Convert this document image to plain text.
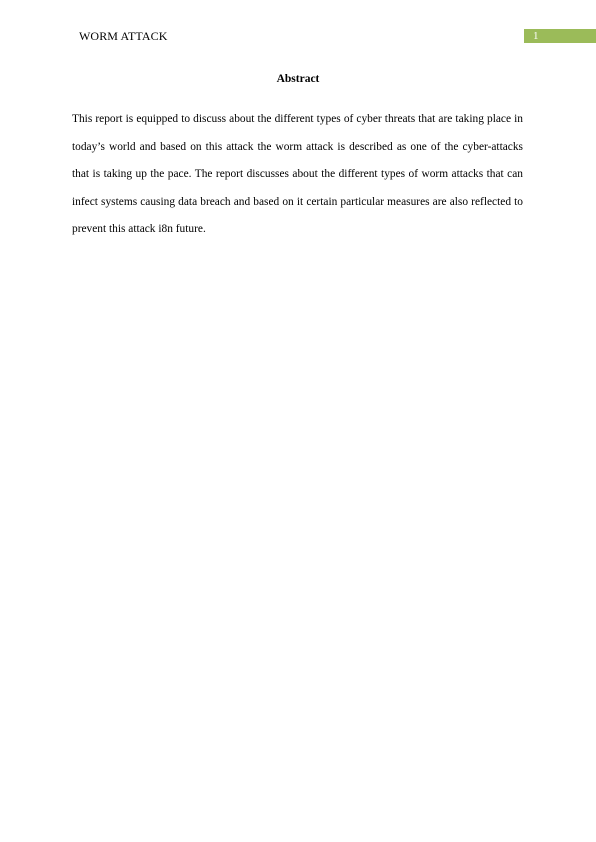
WORM ATTACK	1
Abstract

This report is equipped to discuss about the different types of cyber threats that are taking place in today’s world and based on this attack the worm attack is described as one of the cyber-attacks that is taking up the pace. The report discusses about the different types of worm attacks that can infect systems causing data breach and based on it certain particular measures are also reflected to prevent this attack i8n future.
